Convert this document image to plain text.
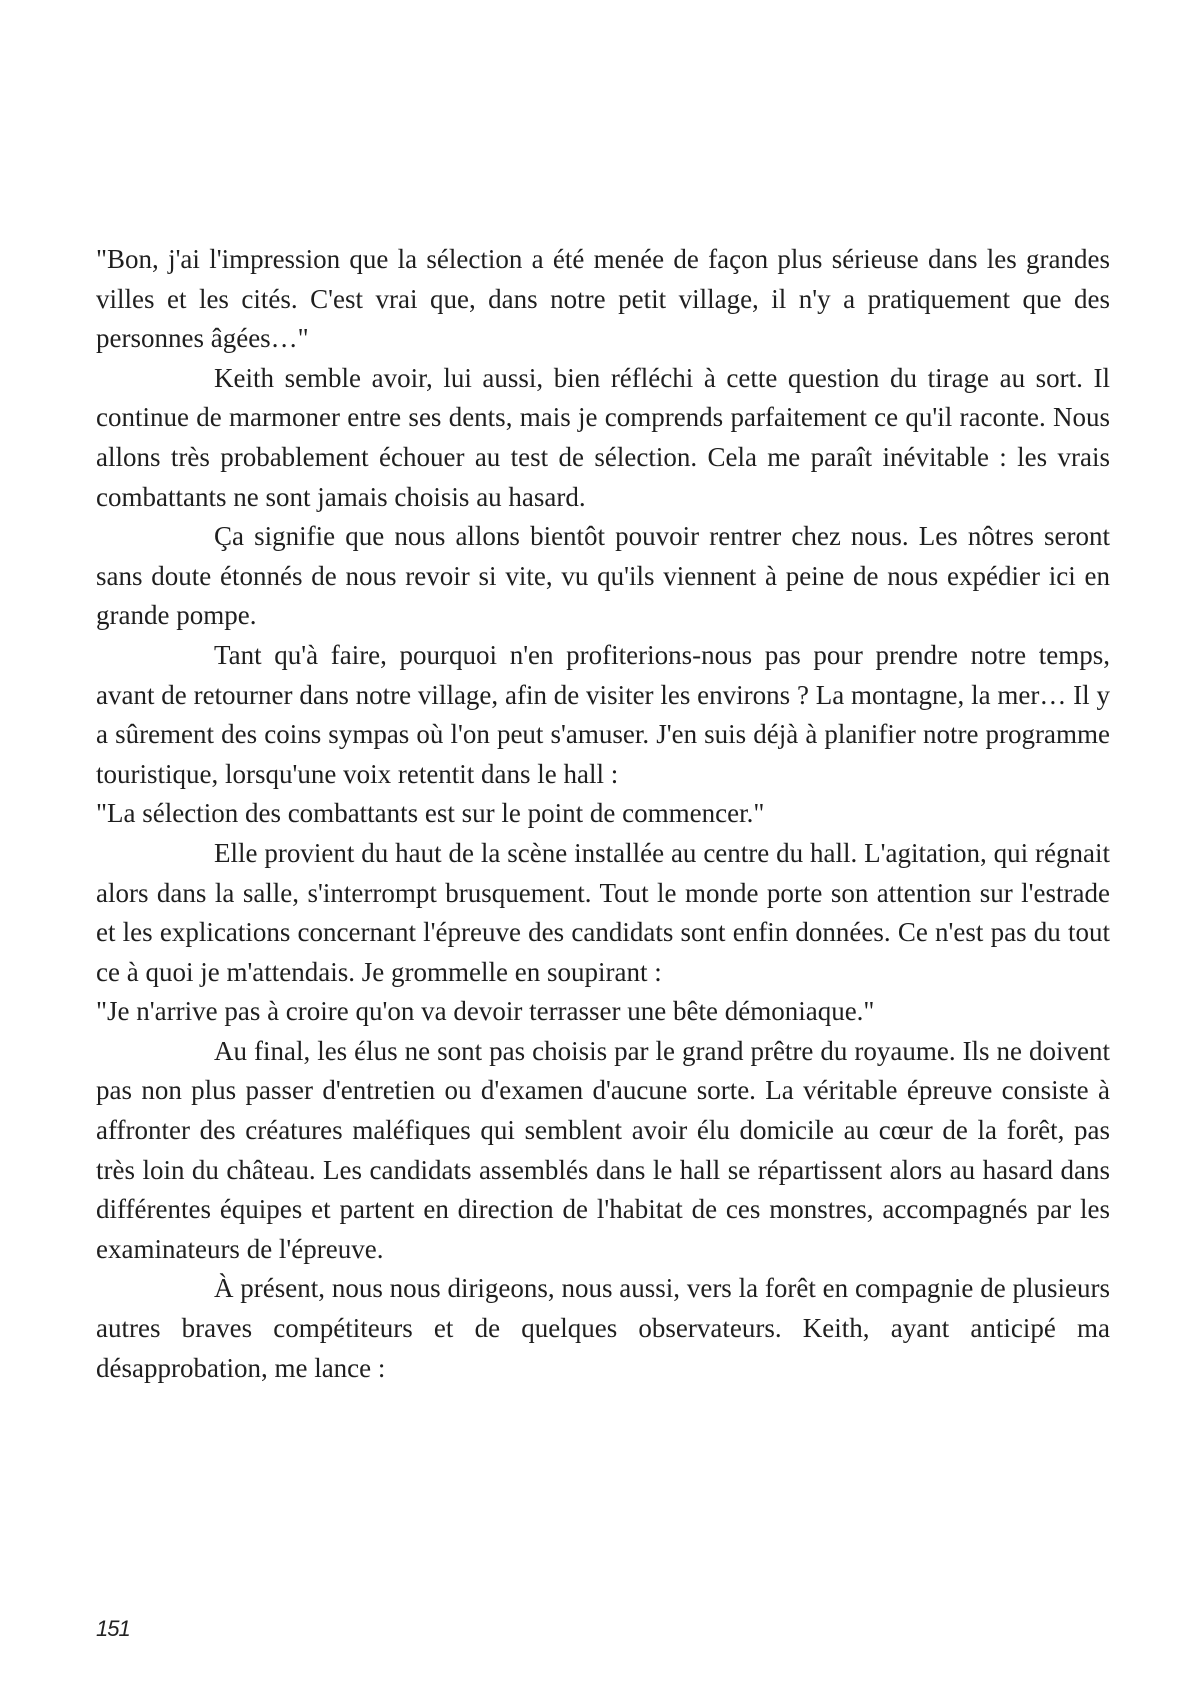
"Bon, j'ai l'impression que la sélection a été menée de façon plus sérieuse dans les grandes villes et les cités. C'est vrai que, dans notre petit village, il n'y a pratiquement que des personnes âgées…"

Keith semble avoir, lui aussi, bien réfléchi à cette question du tirage au sort. Il continue de marmoner entre ses dents, mais je comprends parfaitement ce qu'il raconte. Nous allons très probablement échouer au test de sélection. Cela me paraît inévitable : les vrais combattants ne sont jamais choisis au hasard.

Ça signifie que nous allons bientôt pouvoir rentrer chez nous. Les nôtres seront sans doute étonnés de nous revoir si vite, vu qu'ils viennent à peine de nous expédier ici en grande pompe.

Tant qu'à faire, pourquoi n'en profiterions-nous pas pour prendre notre temps, avant de retourner dans notre village, afin de visiter les environs ? La montagne, la mer… Il y a sûrement des coins sympas où l'on peut s'amuser. J'en suis déjà à planifier notre programme touristique, lorsqu'une voix retentit dans le hall :

"La sélection des combattants est sur le point de commencer."

Elle provient du haut de la scène installée au centre du hall. L'agitation, qui régnait alors dans la salle, s'interrompt brusquement. Tout le monde porte son attention sur l'estrade et les explications concernant l'épreuve des candidats sont enfin données. Ce n'est pas du tout ce à quoi je m'attendais. Je grommelle en soupirant :

"Je n'arrive pas à croire qu'on va devoir terrasser une bête démoniaque."

Au final, les élus ne sont pas choisis par le grand prêtre du royaume. Ils ne doivent pas non plus passer d'entretien ou d'examen d'aucune sorte. La véritable épreuve consiste à affronter des créatures maléfiques qui semblent avoir élu domicile au cœur de la forêt, pas très loin du château. Les candidats assemblés dans le hall se répartissent alors au hasard dans différentes équipes et partent en direction de l'habitat de ces monstres, accompagnés par les examinateurs de l'épreuve.

À présent, nous nous dirigeons, nous aussi, vers la forêt en compagnie de plusieurs autres braves compétiteurs et de quelques observateurs. Keith, ayant anticipé ma désapprobation, me lance :

151
